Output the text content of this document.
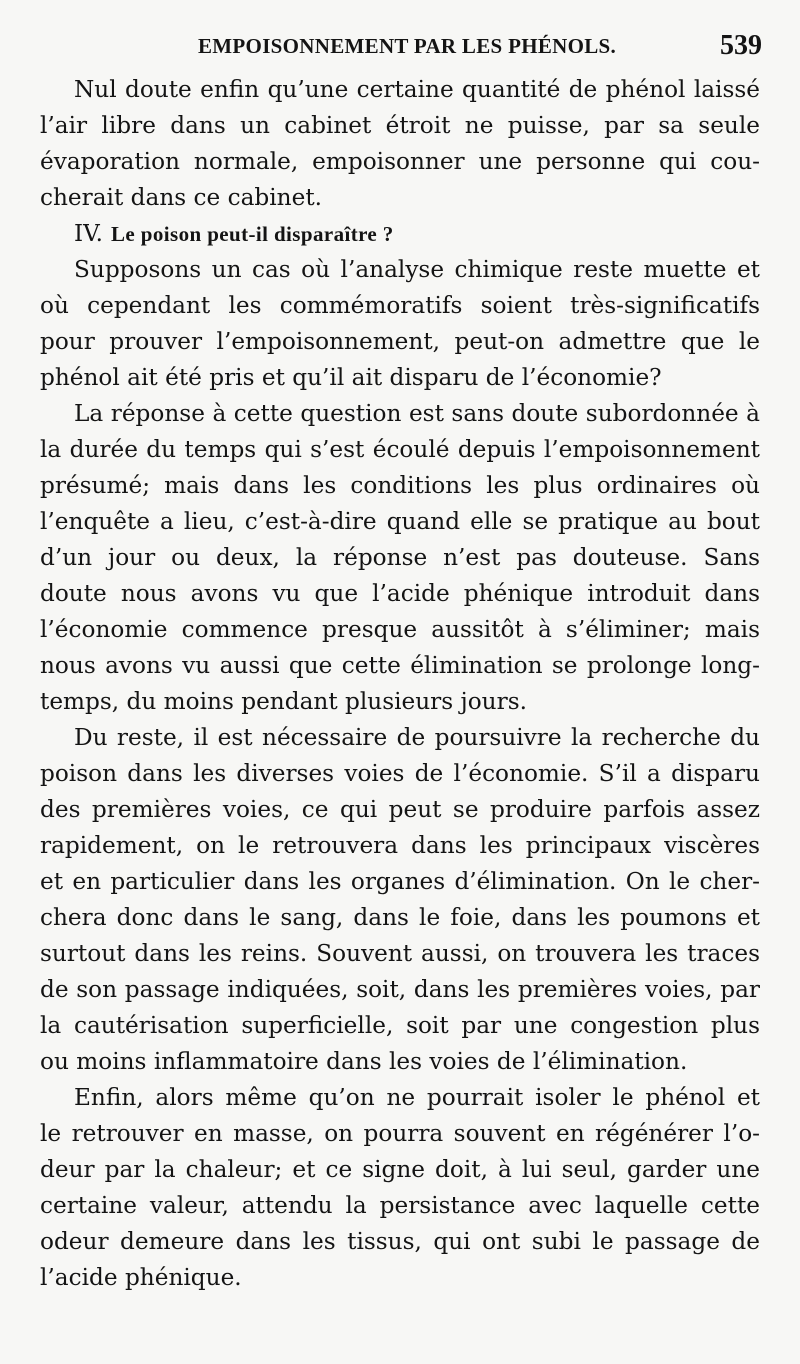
EMPOISONNEMENT PAR LES PHÉNOLS.	539
Nul doute enfin qu’une certaine quantité de phénol laissé
l’air libre dans un cabinet étroit ne puisse, par sa seule
évaporation normale, empoisonner une personne qui cou-
cherait dans ce cabinet.
IV. Le poison peut-il disparaître ?
Supposons un cas où l’analyse chimique reste muette et
où cependant les commémoratifs soient très-significatifs
pour prouver l’empoisonnement, peut-on admettre que le
phénol ait été pris et qu’il ait disparu de l’économie?
La réponse à cette question est sans doute subordonnée à
la durée du temps qui s’est écoulé depuis l’empoisonnement
présumé; mais dans les conditions les plus ordinaires où
l’enquête a lieu, c’est-à-dire quand elle se pratique au bout
d’un jour ou deux, la réponse n’est pas douteuse. Sans
doute nous avons vu que l’acide phénique introduit dans
l’économie commence presque aussitôt à s’éliminer; mais
nous avons vu aussi que cette élimination se prolonge long-
temps, du moins pendant plusieurs jours.
Du reste, il est nécessaire de poursuivre la recherche du
poison dans les diverses voies de l’économie. S’il a disparu
des premières voies, ce qui peut se produire parfois assez
rapidement, on le retrouvera dans les principaux viscères
et en particulier dans les organes d’élimination. On le cher-
chera donc dans le sang, dans le foie, dans les poumons et
surtout dans les reins. Souvent aussi, on trouvera les traces
de son passage indiquées, soit, dans les premières voies, par
la cautérisation superficielle, soit par une congestion plus
ou moins inflammatoire dans les voies de l’élimination.
Enfin, alors même qu’on ne pourrait isoler le phénol et
le retrouver en masse, on pourra souvent en régénérer l’o-
deur par la chaleur; et ce signe doit, à lui seul, garder une
certaine valeur, attendu la persistance avec laquelle cette
odeur demeure dans les tissus, qui ont subi le passage de
l’acide phénique.
